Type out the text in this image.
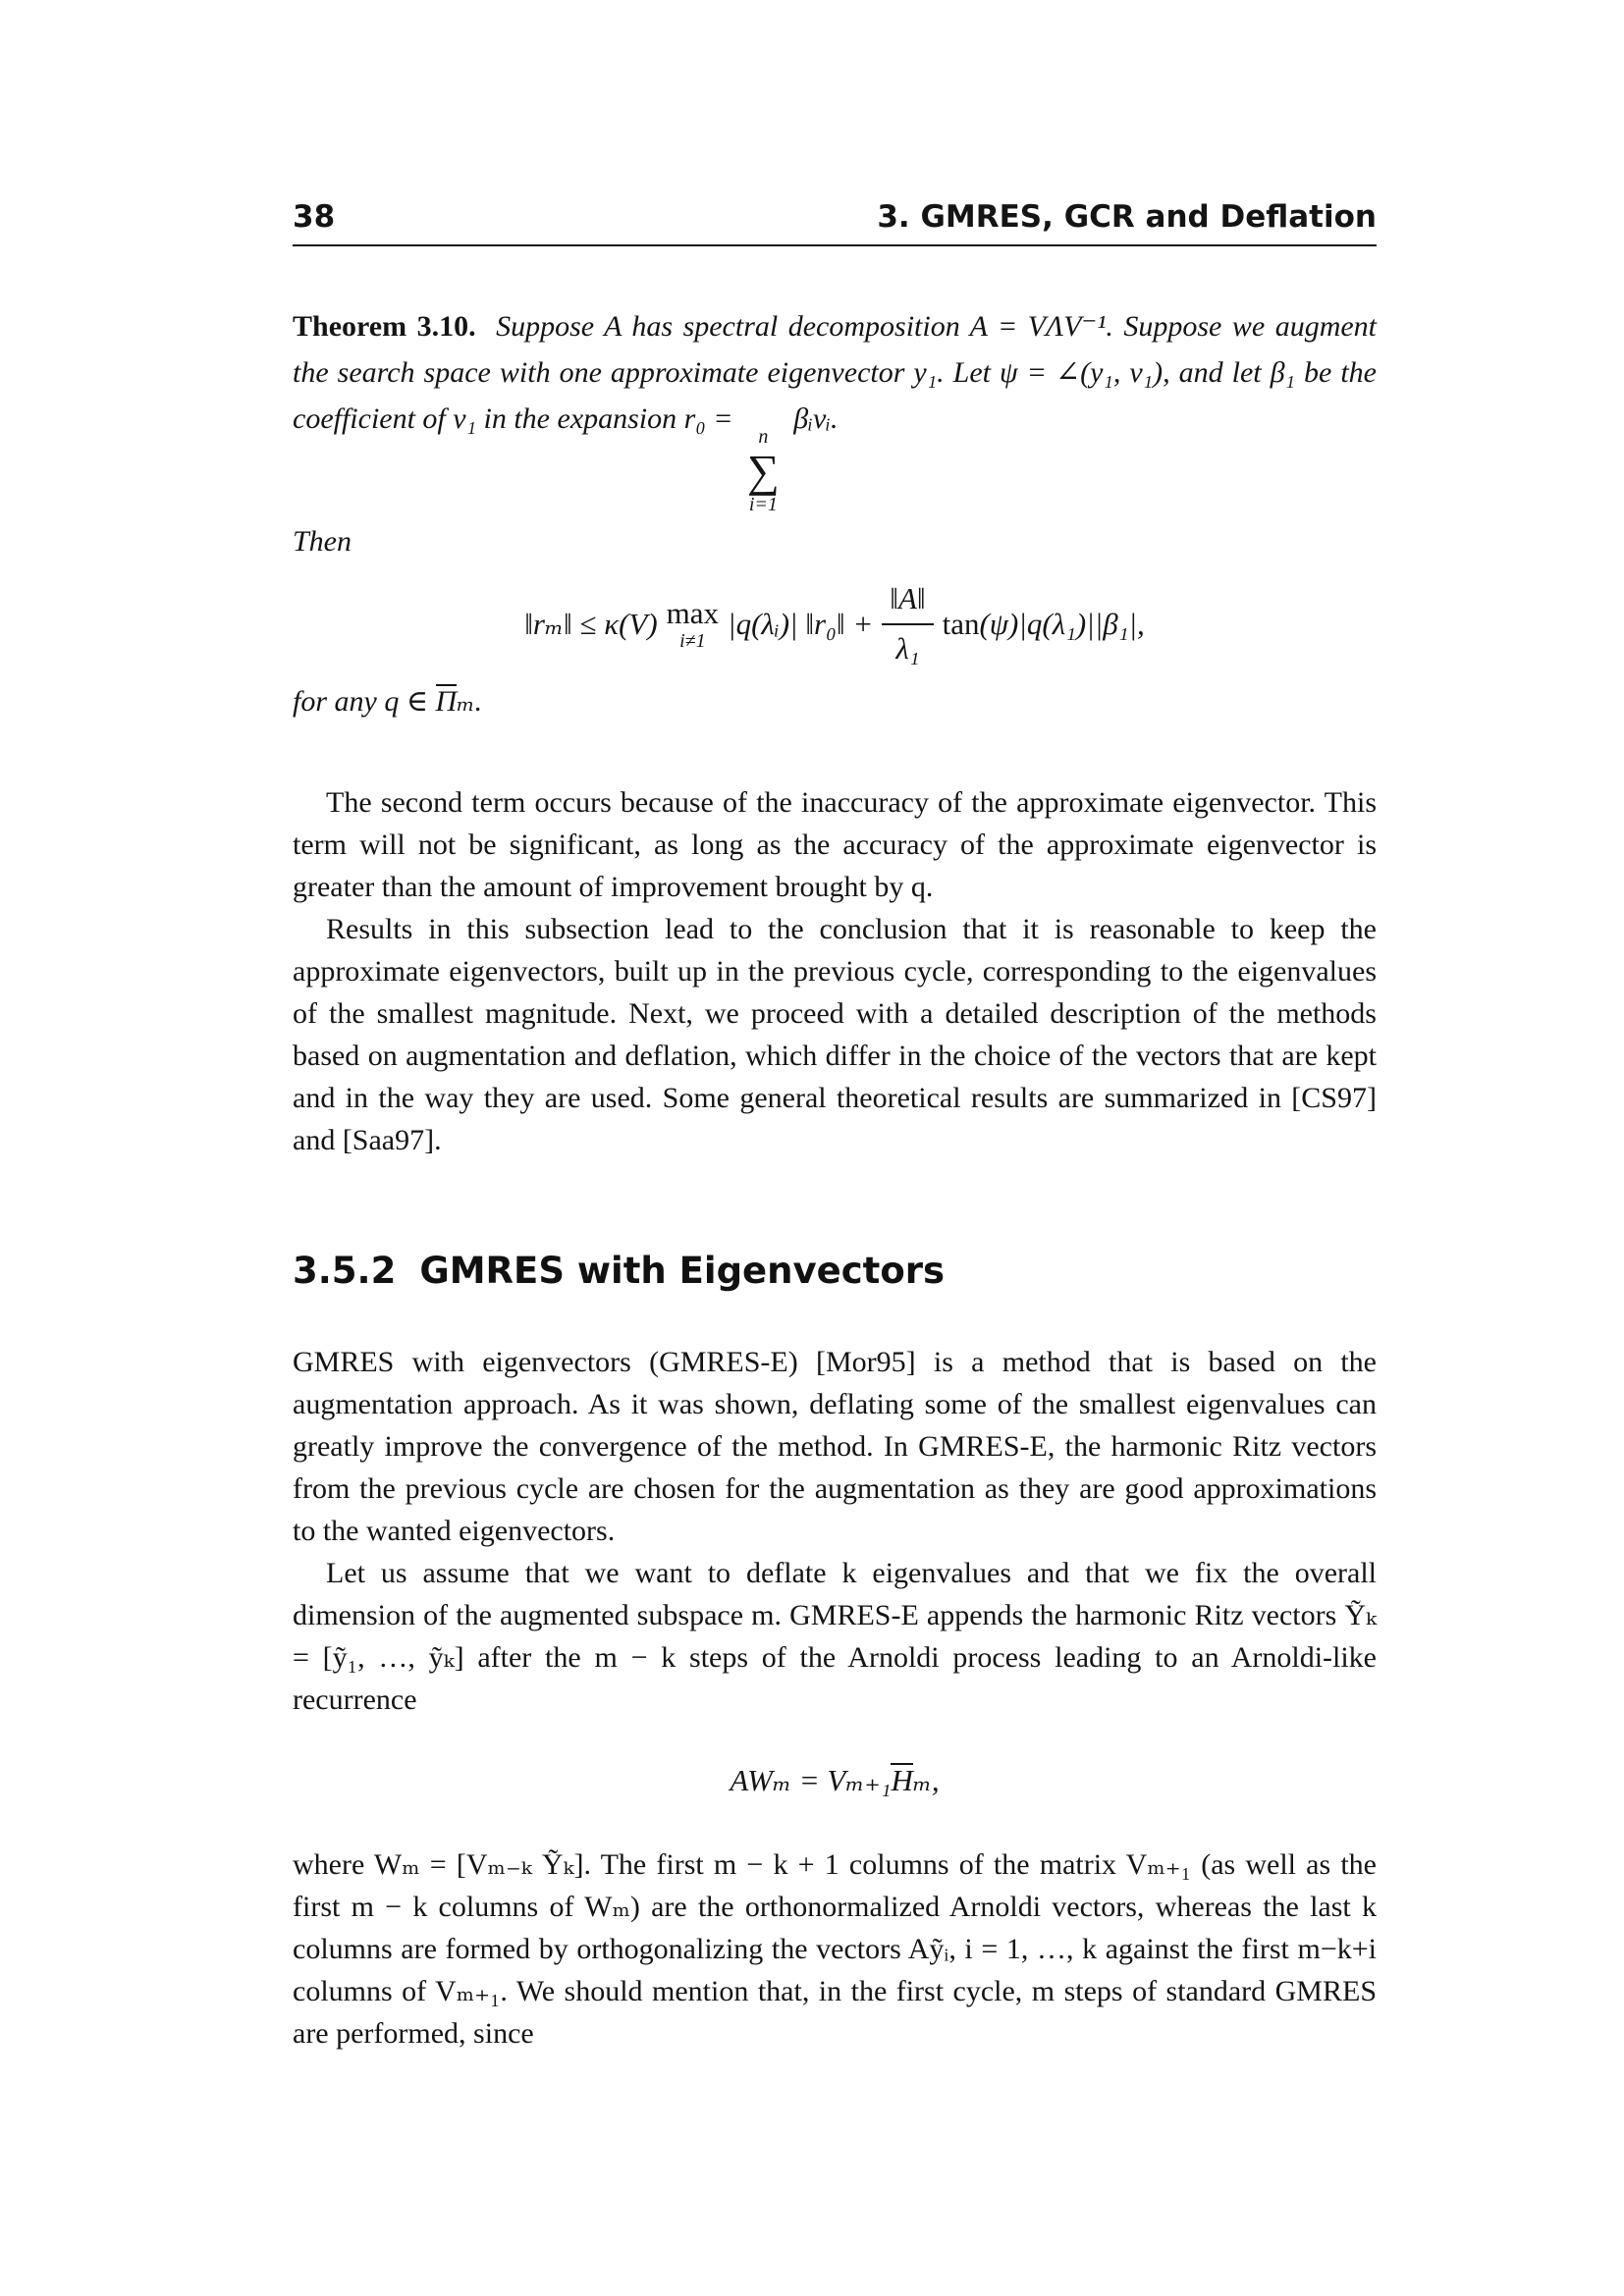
38	3. GMRES, GCR and Deflation

Theorem 3.10. Suppose A has spectral decomposition A = VΛV⁻¹. Suppose we augment the search space with one approximate eigenvector y₁. Let ψ = ∠(y₁, v₁), and let β₁ be the coefficient of v₁ in the expansion r₀ =
n
∑
i=1
βᵢvᵢ.

Then

‖rₘ‖ ≤ κ(V) max
i≠1 |q(λᵢ)| ‖r₀‖ + $\frac{‖A‖}{\text{λ₁}}$ tan (ψ)|q(λ₁)||β₁|,

for any q ∈ Πₘ.

The second term occurs because of the inaccuracy of the approximate eigenvector. This term will not be significant, as long as the accuracy of the approximate eigenvector is greater than the amount of improvement brought by q.

Results in this subsection lead to the conclusion that it is reasonable to keep the approximate eigenvectors, built up in the previous cycle, corresponding to the eigenvalues of the smallest magnitude. Next, we proceed with a detailed description of the methods based on augmentation and deflation, which differ in the choice of the vectors that are kept and in the way they are used. Some general theoretical results are summarized in [CS97] and [Saa97].

3.5.2 GMRES with Eigenvectors

GMRES with eigenvectors (GMRES-E) [Mor95] is a method that is based on the augmentation approach. As it was shown, deflating some of the smallest eigenvalues can greatly improve the convergence of the method. In GMRES-E, the harmonic Ritz vectors from the previous cycle are chosen for the augmentation as they are good approximations to the wanted eigenvectors.

Let us assume that we want to deflate k eigenvalues and that we fix the overall dimension of the augmented subspace m. GMRES-E appends the harmonic Ritz vectors Ỹₖ = [ỹ₁, …, ỹₖ] after the m − k steps of the Arnoldi process leading to an Arnoldi-like recurrence

AWₘ = Vₘ₊₁ H ₘ,

where Wₘ = [Vₘ₋ₖ Ỹₖ]. The first m − k + 1 columns of the matrix Vₘ₊₁ (as well as the first m − k columns of Wₘ) are the orthonormalized Arnoldi vectors, whereas the last k columns are formed by orthogonalizing the vectors Aỹᵢ, i = 1, …, k against the first m−k+i columns of Vₘ₊₁. We should mention that, in the first cycle, m steps of standard GMRES are performed, since
